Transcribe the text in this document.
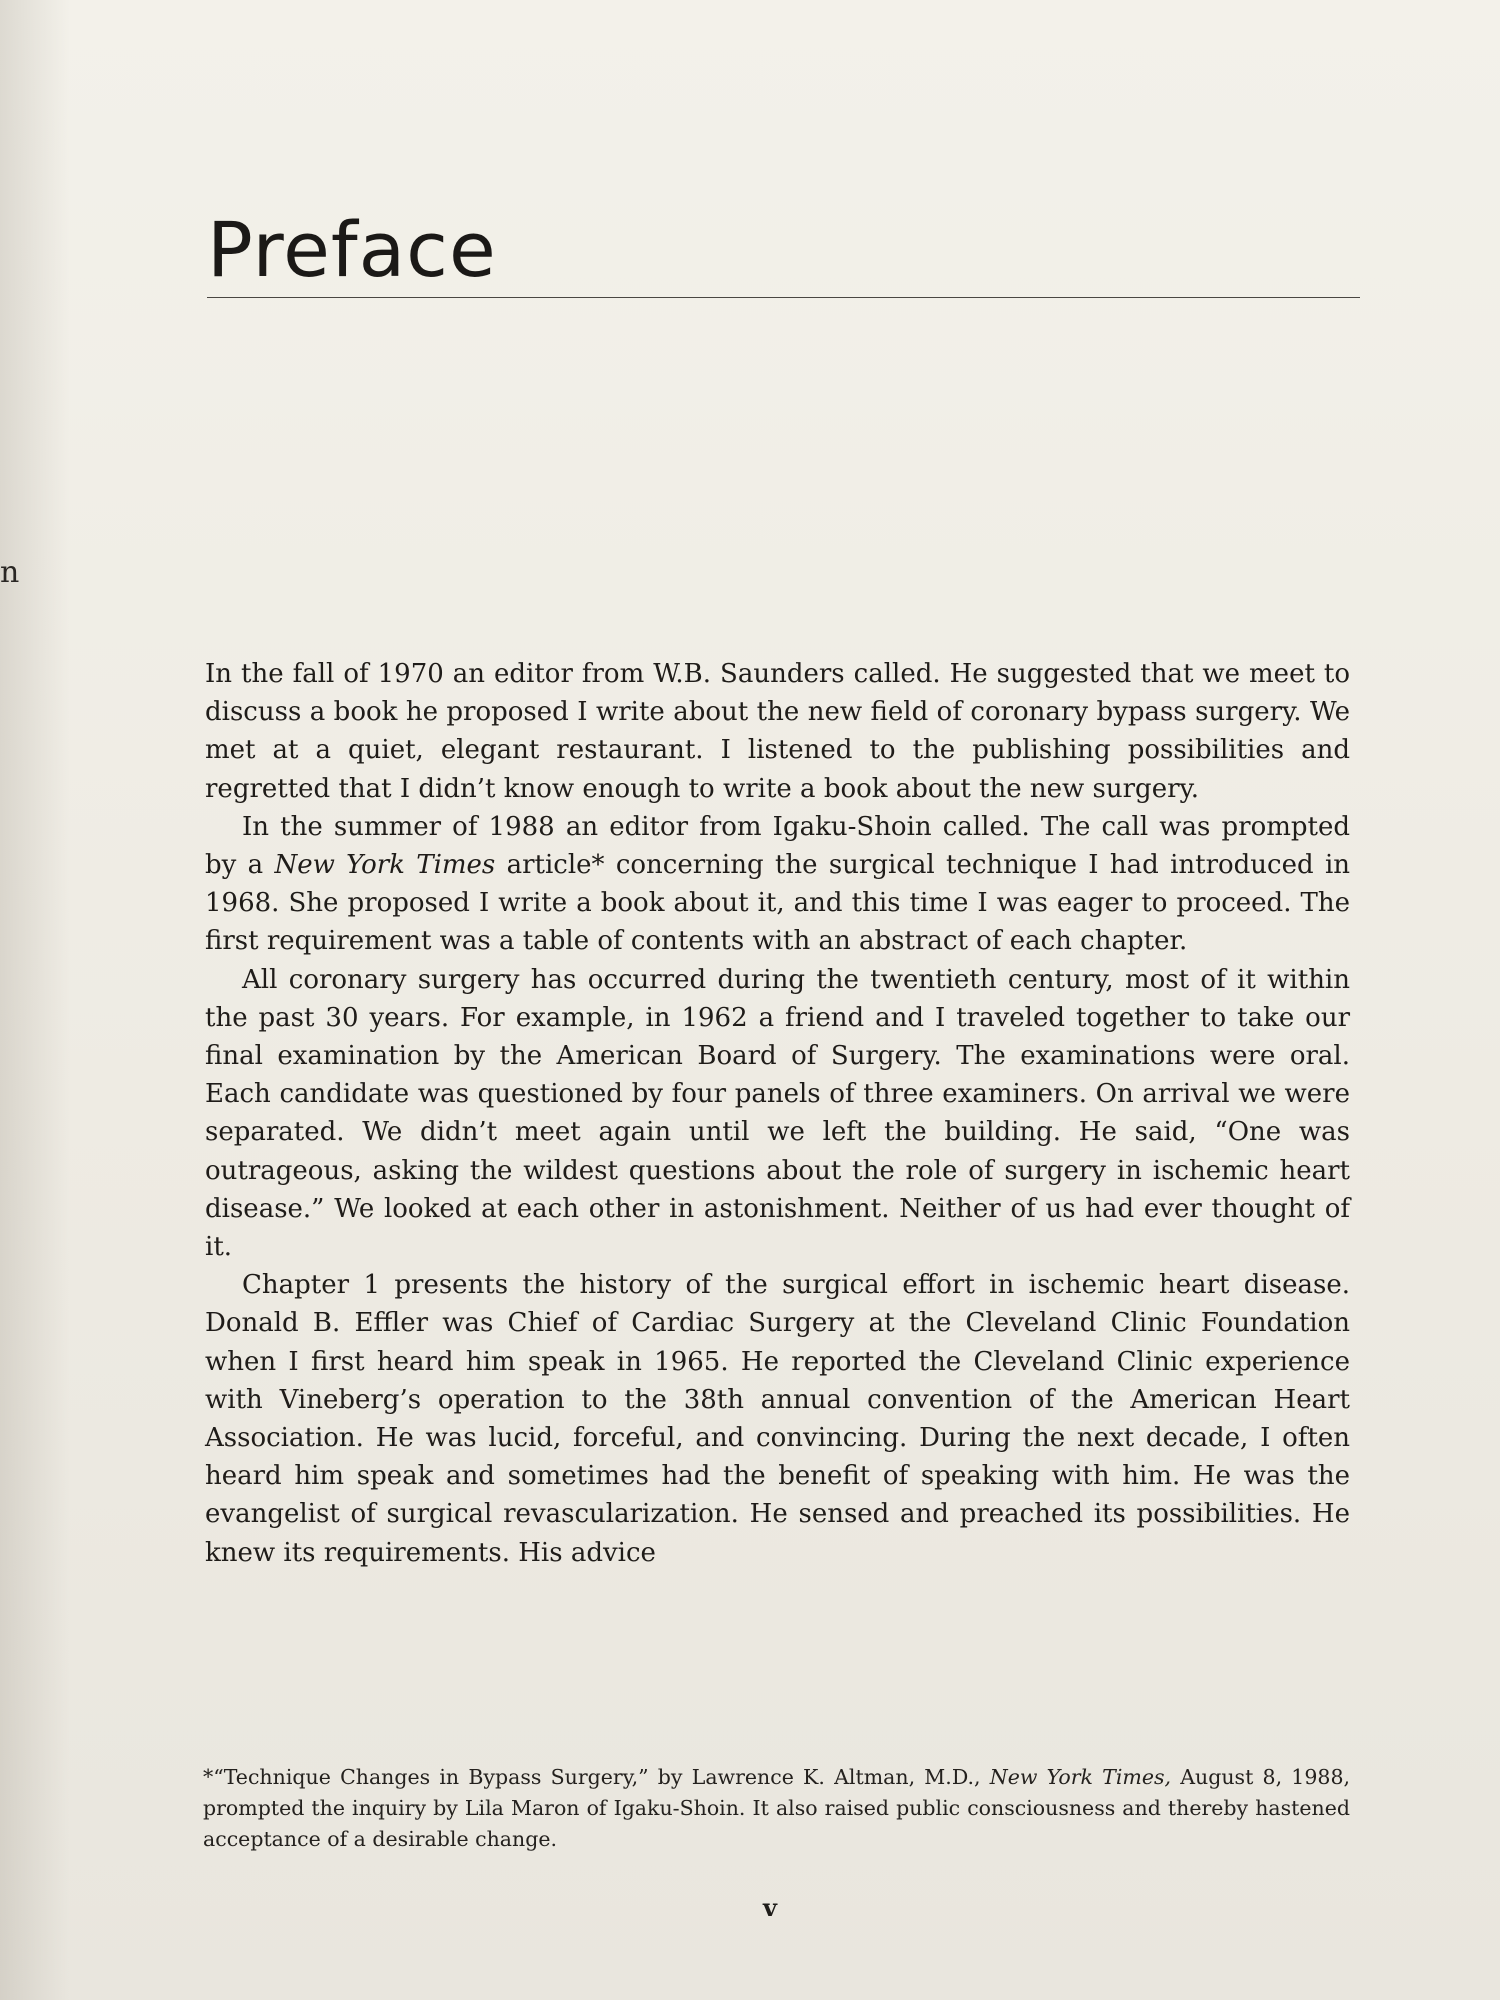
n
Preface

In the fall of 1970 an editor from W.B. Saunders called. He suggested that we meet to discuss a book he proposed I write about the new field of coronary bypass surgery. We met at a quiet, elegant restaurant. I listened to the publishing possibilities and regretted that I didn’t know enough to write a book about the new surgery.

In the summer of 1988 an editor from Igaku-Shoin called. The call was prompted by a New York Times article* concerning the surgical technique I had introduced in 1968. She proposed I write a book about it, and this time I was eager to proceed. The first requirement was a table of contents with an abstract of each chapter.

All coronary surgery has occurred during the twentieth century, most of it within the past 30 years. For example, in 1962 a friend and I traveled together to take our final examination by the American Board of Surgery. The examinations were oral. Each candidate was questioned by four panels of three examiners. On arrival we were separated. We didn’t meet again until we left the building. He said, “One was outrageous, asking the wildest questions about the role of surgery in ischemic heart disease.” We looked at each other in astonishment. Neither of us had ever thought of it.

Chapter 1 presents the history of the surgical effort in ischemic heart disease. Donald B. Effler was Chief of Cardiac Surgery at the Cleveland Clinic Foundation when I first heard him speak in 1965. He reported the Cleveland Clinic experience with Vineberg’s operation to the 38th annual convention of the American Heart Association. He was lucid, forceful, and convincing. During the next decade, I often heard him speak and sometimes had the benefit of speaking with him. He was the evangelist of surgical revascularization. He sensed and preached its possibilities. He knew its requirements. His advice

*“Technique Changes in Bypass Surgery,” by Lawrence K. Altman, M.D., New York Times, August 8, 1988, prompted the inquiry by Lila Maron of Igaku-Shoin. It also raised public consciousness and thereby hastened acceptance of a desirable change.

v
